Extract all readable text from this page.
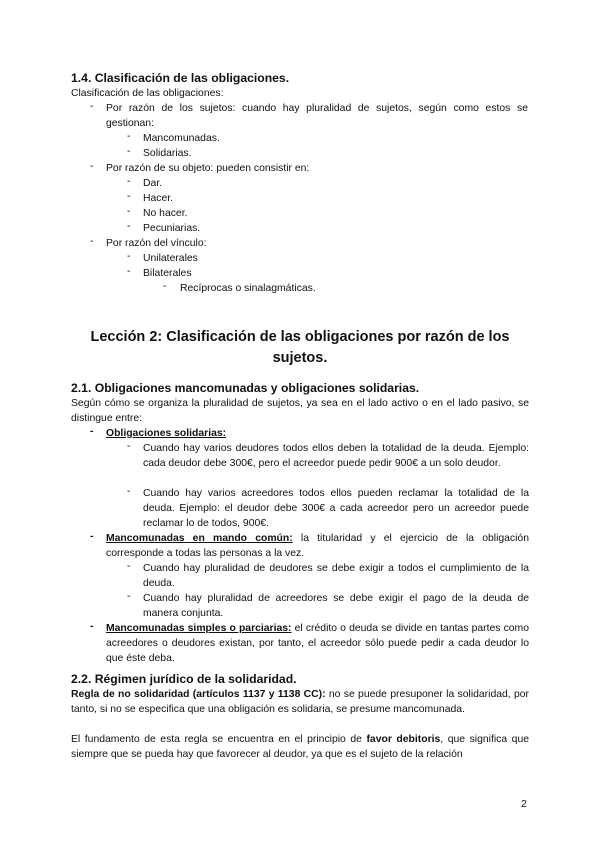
1.4. Clasificación de las obligaciones.
Clasificación de las obligaciones:
- Por razón de los sujetos: cuando hay pluralidad de sujetos, según como estos se gestionan:
- Mancomunadas.
- Solidarias.
- Por razón de su objeto: pueden consistir en:
- Dar.
- Hacer.
- No hacer.
- Pecuniarias.
- Por razón del vínculo:
- Unilaterales
- Bilaterales
- Recíprocas o sinalagmáticas.
Lección 2: Clasificación de las obligaciones por razón de los sujetos.
2.1. Obligaciones mancomunadas y obligaciones solidarias.
Según cómo se organiza la pluralidad de sujetos, ya sea en el lado activo o en el lado pasivo, se distingue entre:
- Obligaciones solidarias:
- Cuando hay varios deudores todos ellos deben la totalidad de la deuda. Ejemplo: cada deudor debe 300€, pero el acreedor puede pedir 900€ a un solo deudor.
- Cuando hay varios acreedores todos ellos pueden reclamar la totalidad de la deuda. Ejemplo: el deudor debe 300€ a cada acreedor pero un acreedor puede reclamar lo de todos, 900€.
- Mancomunadas en mando común: la titularidad y el ejercicio de la obligación corresponde a todas las personas a la vez.
- Cuando hay pluralidad de deudores se debe exigir a todos el cumplimiento de la deuda.
- Cuando hay pluralidad de acreedores se debe exigir el pago de la deuda de manera conjunta.
- Mancomunadas simples o parciarias: el crédito o deuda se divide en tantas partes como acreedores o deudores existan, por tanto, el acreedor sólo puede pedir a cada deudor lo que éste deba.
2.2. Régimen jurídico de la solidaridad.
Regla de no solidaridad (artículos 1137 y 1138 CC): no se puede presuponer la solidaridad, por tanto, si no se especifica que una obligación es solidaria, se presume mancomunada.
El fundamento de esta regla se encuentra en el principio de favor debitoris, que significa que siempre que se pueda hay que favorecer al deudor, ya que es el sujeto de la relación
2
